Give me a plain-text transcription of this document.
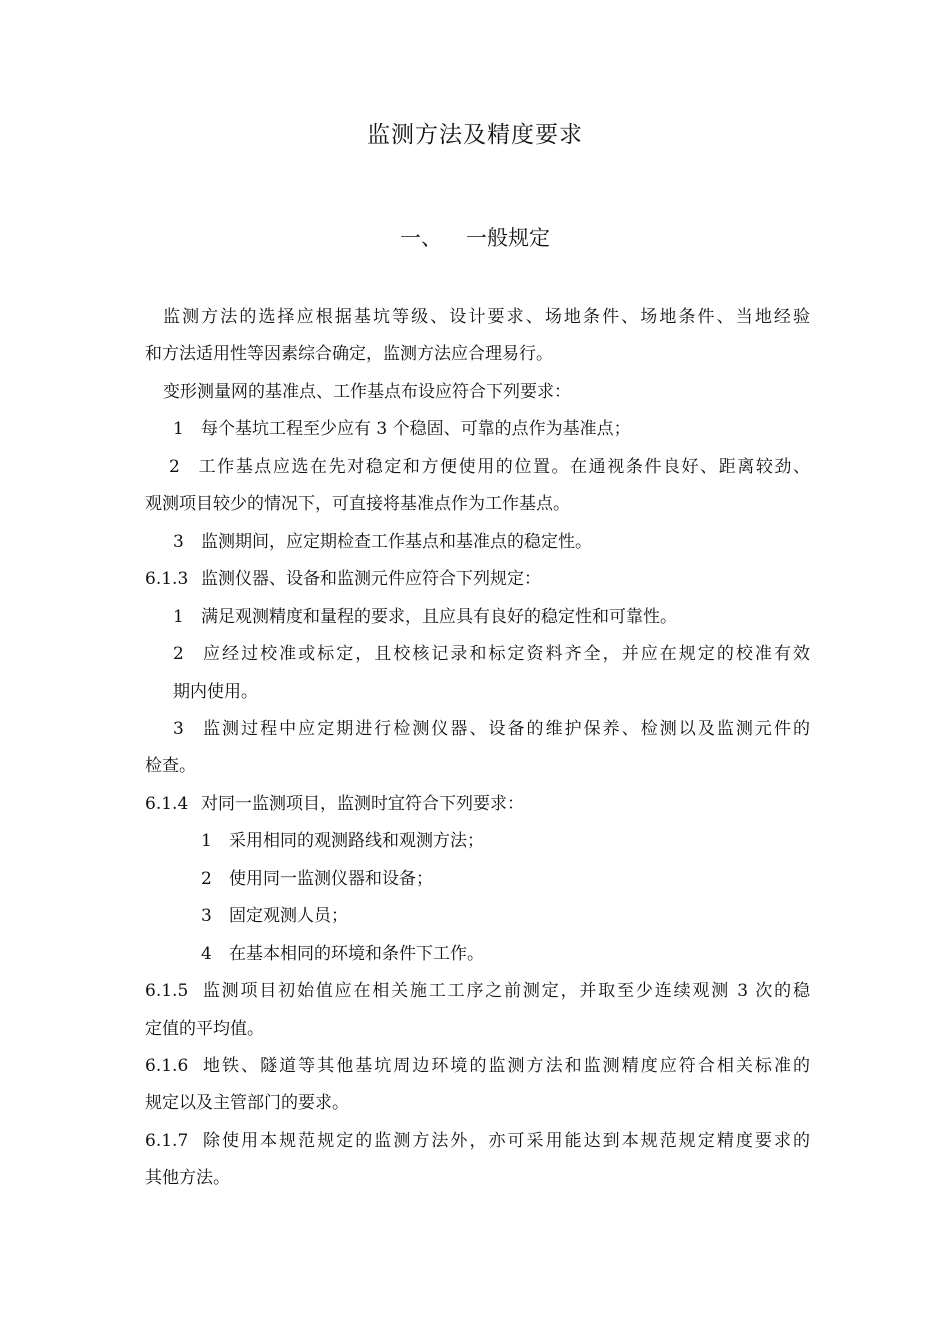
监测方法及精度要求
一、 一般规定
监测方法的选择应根据基坑等级、设计要求、场地条件、场地条件、当地经验
和方法适用性等因素综合确定，监测方法应合理易行。
变形测量网的基准点、工作基点布设应符合下列要求：
1 每个基坑工程至少应有 3 个稳固、可靠的点作为基准点；
2 工作基点应选在先对稳定和方便使用的位置。在通视条件良好、距离较劲、
观测项目较少的情况下，可直接将基准点作为工作基点。
3 监测期间，应定期检查工作基点和基准点的稳定性。
6.1.3 监测仪器、设备和监测元件应符合下列规定：
1 满足观测精度和量程的要求，且应具有良好的稳定性和可靠性。
2 应经过校准或标定，且校核记录和标定资料齐全，并应在规定的校准有效
期内使用。
3 监测过程中应定期进行检测仪器、设备的维护保养、检测以及监测元件的
检查。
6.1.4 对同一监测项目，监测时宜符合下列要求：
1 采用相同的观测路线和观测方法；
2 使用同一监测仪器和设备；
3 固定观测人员；
4 在基本相同的环境和条件下工作。
6.1.5 监测项目初始值应在相关施工工序之前测定，并取至少连续观测 3 次的稳
定值的平均值。
6.1.6 地铁、隧道等其他基坑周边环境的监测方法和监测精度应符合相关标准的
规定以及主管部门的要求。
6.1.7 除使用本规范规定的监测方法外，亦可采用能达到本规范规定精度要求的
其他方法。
